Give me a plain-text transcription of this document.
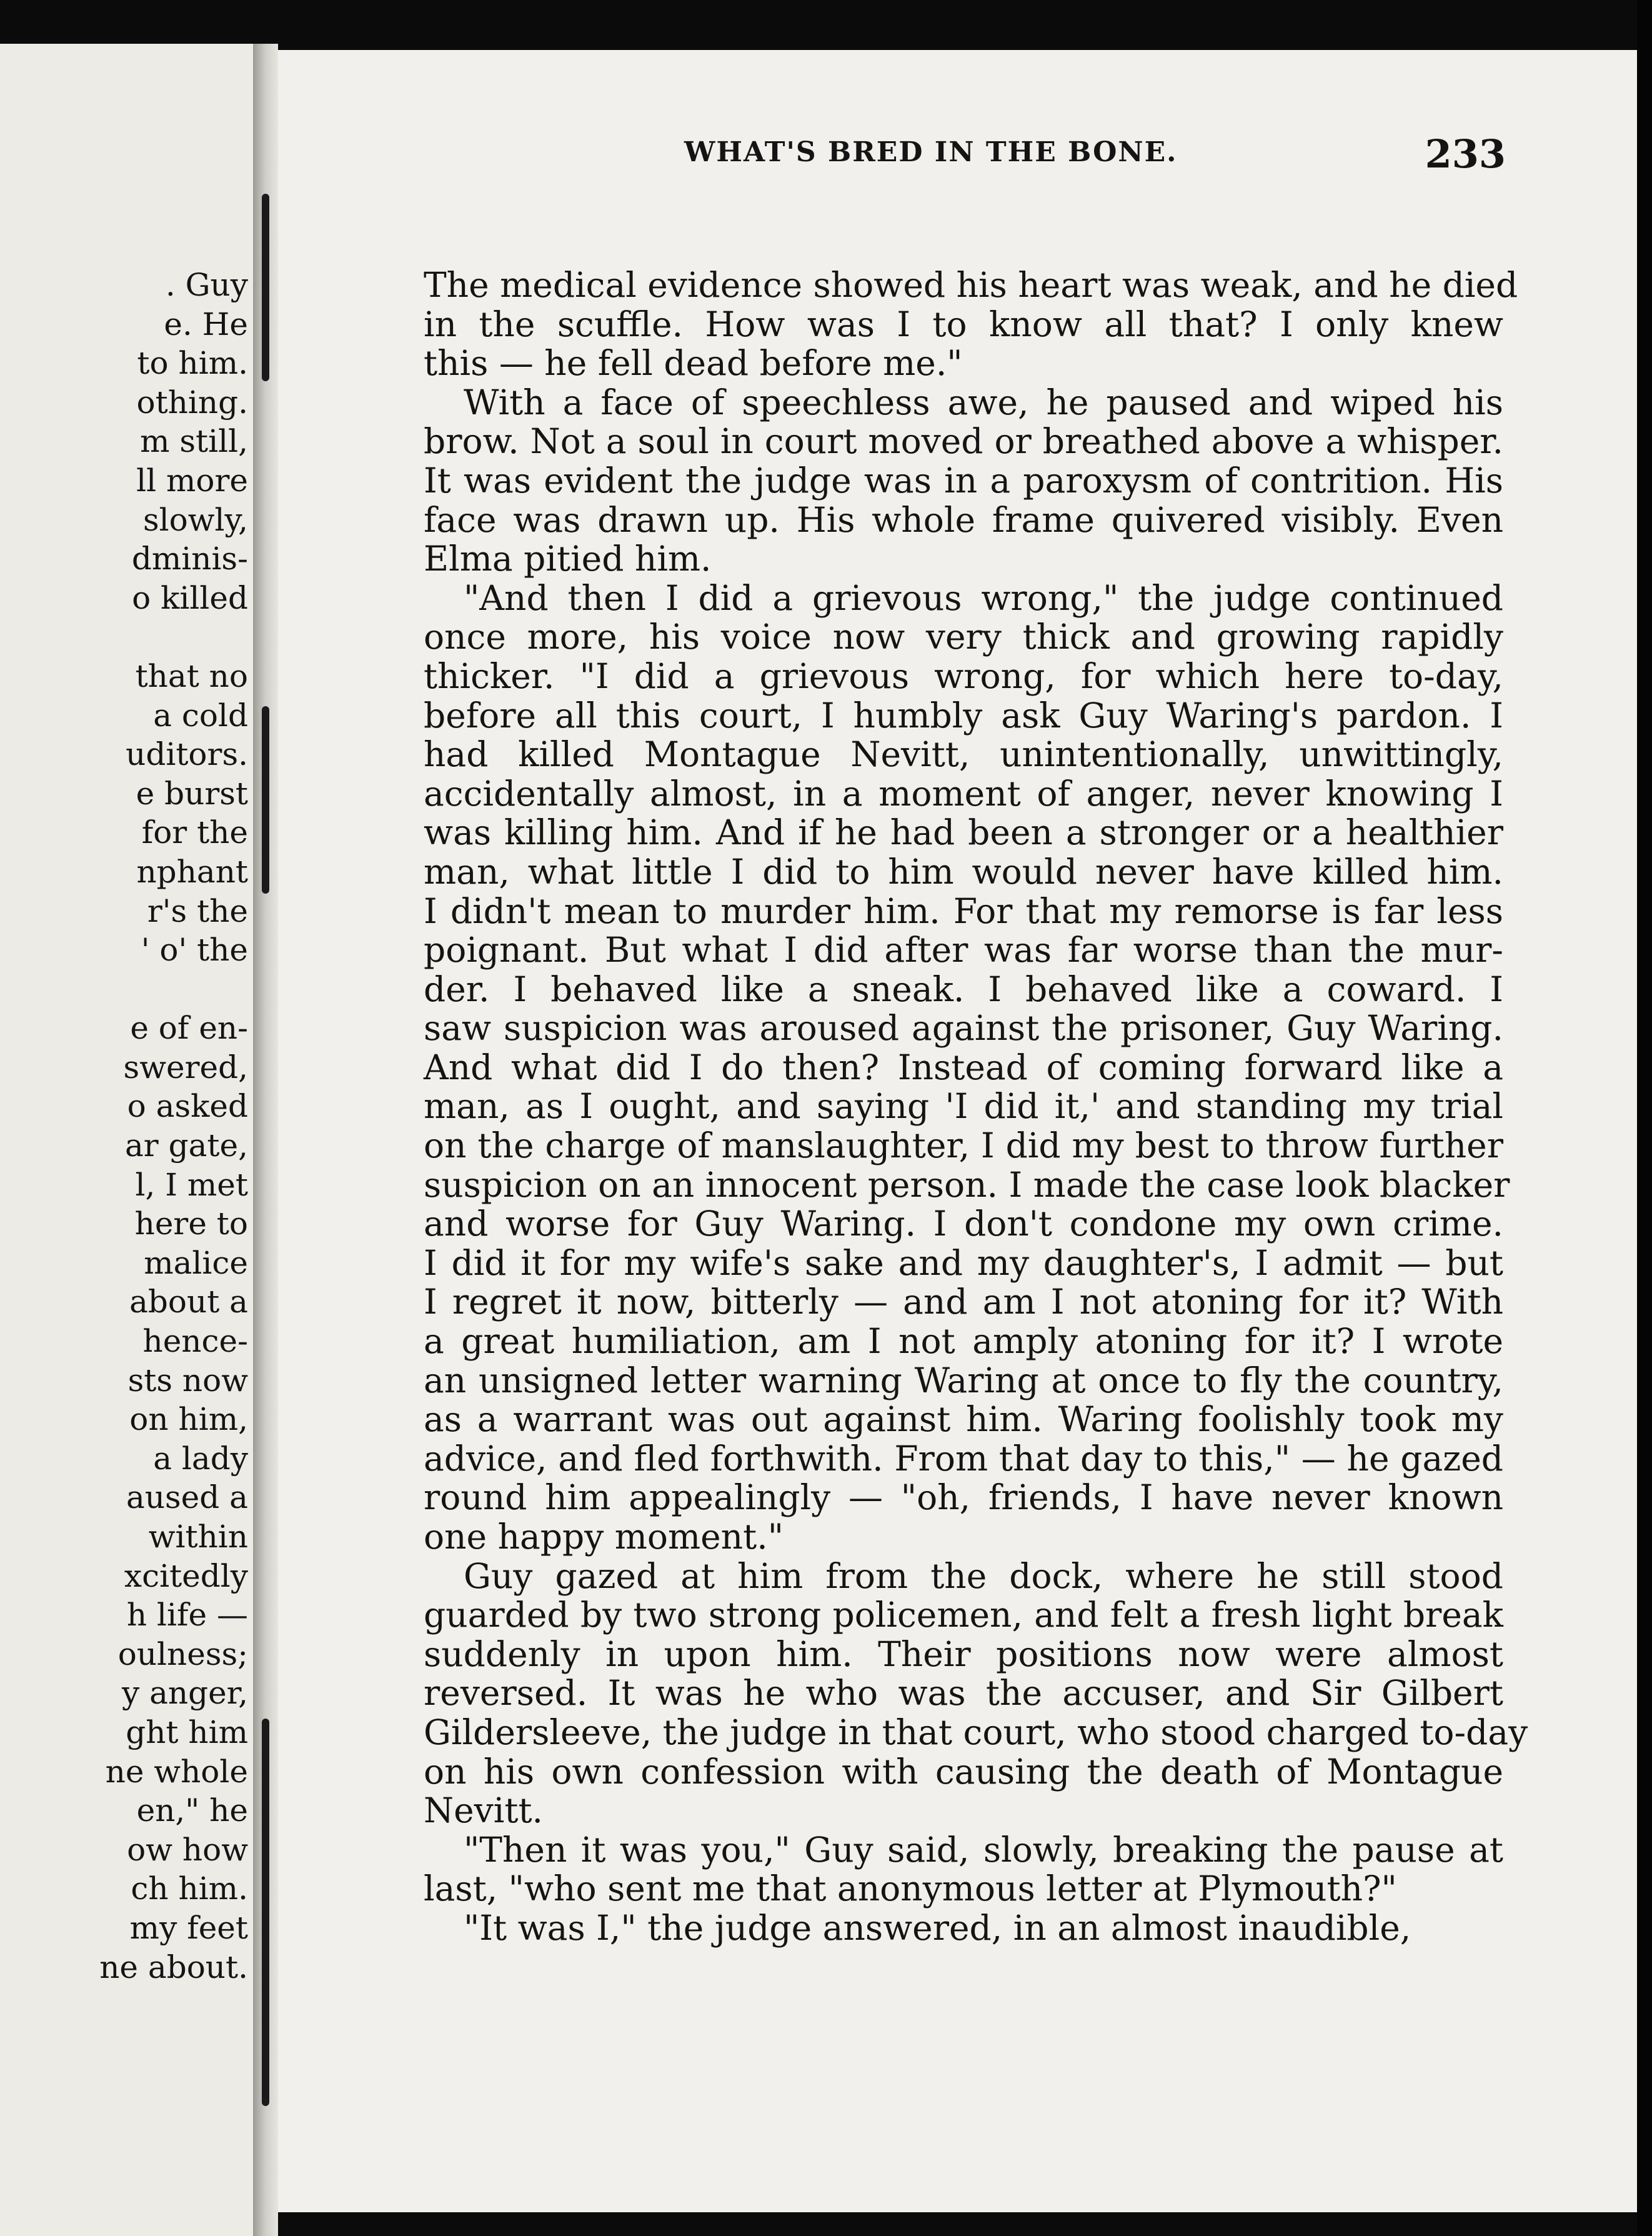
. Guy
e. He
to him.
othing.
m still,
ll more
slowly,
dminis-
o killed

that no
a cold
uditors.
e burst
for the
nphant
r's the
' o' the

e of en-
swered,
o asked
ar gate,
l, I met
here to
malice
about a
hence-
sts now
on him,
a lady
aused a
within
xcitedly
h life —
oulness;
y anger,
ght him
ne whole
en," he
ow how
ch him.
my feet
ne about.
WHAT'S BRED IN THE BONE.	233
The medical evidence showed his heart was weak, and he died
in the scuffle. How was I to know all that? I only knew
this — he fell dead before me."
With a face of speechless awe, he paused and wiped his
brow. Not a soul in court moved or breathed above a whisper.
It was evident the judge was in a paroxysm of contrition. His
face was drawn up. His whole frame quivered visibly. Even
Elma pitied him.
"And then I did a grievous wrong," the judge continued
once more, his voice now very thick and growing rapidly
thicker. "I did a grievous wrong, for which here to-day,
before all this court, I humbly ask Guy Waring's pardon. I
had killed Montague Nevitt, unintentionally, unwittingly,
accidentally almost, in a moment of anger, never knowing I
was killing him. And if he had been a stronger or a healthier
man, what little I did to him would never have killed him.
I didn't mean to murder him. For that my remorse is far less
poignant. But what I did after was far worse than the mur-
der. I behaved like a sneak. I behaved like a coward. I
saw suspicion was aroused against the prisoner, Guy Waring.
And what did I do then? Instead of coming forward like a
man, as I ought, and saying 'I did it,' and standing my trial
on the charge of manslaughter, I did my best to throw further
suspicion on an innocent person. I made the case look blacker
and worse for Guy Waring. I don't condone my own crime.
I did it for my wife's sake and my daughter's, I admit — but
I regret it now, bitterly — and am I not atoning for it? With
a great humiliation, am I not amply atoning for it? I wrote
an unsigned letter warning Waring at once to fly the country,
as a warrant was out against him. Waring foolishly took my
advice, and fled forthwith. From that day to this," — he gazed
round him appealingly — "oh, friends, I have never known
one happy moment."
Guy gazed at him from the dock, where he still stood
guarded by two strong policemen, and felt a fresh light break
suddenly in upon him. Their positions now were almost
reversed. It was he who was the accuser, and Sir Gilbert
Gildersleeve, the judge in that court, who stood charged to-day
on his own confession with causing the death of Montague
Nevitt.
"Then it was you," Guy said, slowly, breaking the pause at
last, "who sent me that anonymous letter at Plymouth?"
"It was I," the judge answered, in an almost inaudible,
